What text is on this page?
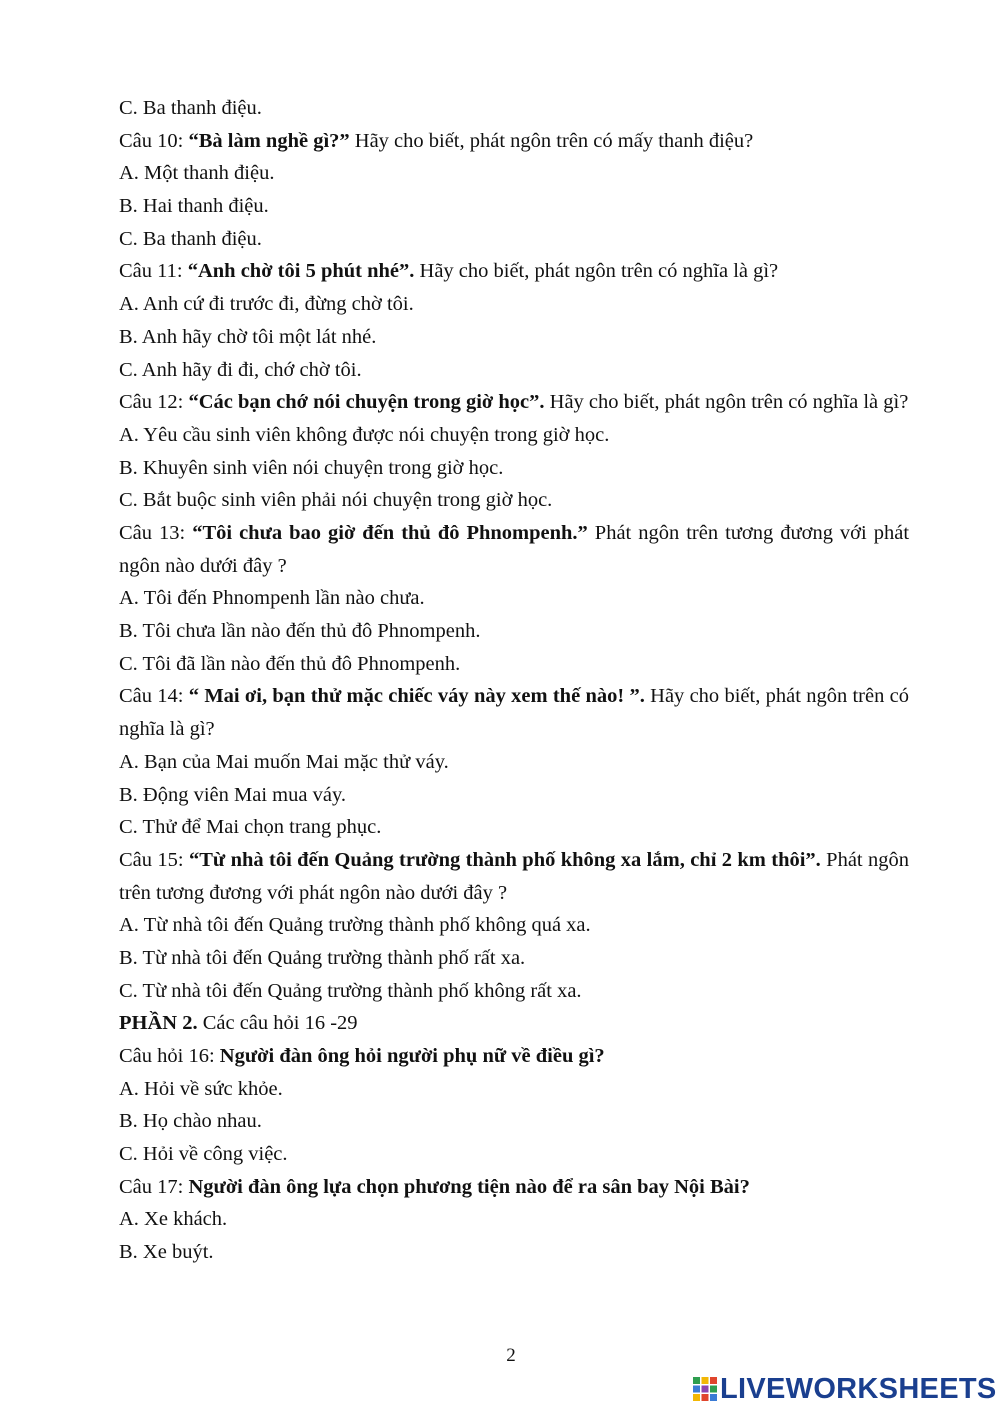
C. Ba thanh điệu.
Câu 10: “Bà làm nghề gì?” Hãy cho biết, phát ngôn trên có mấy thanh điệu?
A. Một thanh điệu.
B. Hai thanh điệu.
C. Ba thanh điệu.
Câu 11: “Anh chờ tôi 5 phút nhé”. Hãy cho biết, phát ngôn trên có nghĩa là gì?
A. Anh cứ đi trước đi, đừng chờ tôi.
B. Anh hãy chờ tôi một lát nhé.
C. Anh hãy đi đi, chớ chờ tôi.
Câu 12: “Các bạn chớ nói chuyện trong giờ học”. Hãy cho biết, phát ngôn trên có nghĩa là gì?
A. Yêu cầu sinh viên không được nói chuyện trong giờ học.
B. Khuyên sinh viên nói chuyện trong giờ học.
C. Bắt buộc sinh viên phải nói chuyện trong giờ học.
Câu 13: “Tôi chưa bao giờ đến thủ đô Phnompenh.” Phát ngôn trên tương đương với phát ngôn nào dưới đây ?
A. Tôi đến Phnompenh lần nào chưa.
B. Tôi chưa lần nào đến thủ đô Phnompenh.
C. Tôi đã lần nào đến thủ đô Phnompenh.
Câu 14: “ Mai ơi, bạn thử mặc chiếc váy này xem thế nào! ”. Hãy cho biết, phát ngôn trên có nghĩa là gì?
A. Bạn của Mai muốn Mai mặc thử váy.
B. Động viên Mai mua váy.
C. Thử để Mai chọn trang phục.
Câu 15: “Từ nhà tôi đến Quảng trường thành phố không xa lắm, chỉ 2 km thôi”. Phát ngôn trên tương đương với phát ngôn nào dưới đây ?
A. Từ nhà tôi đến Quảng trường thành phố không quá xa.
B. Từ nhà tôi đến Quảng trường thành phố rất xa.
C. Từ nhà tôi đến Quảng trường thành phố không rất xa.
PHẦN 2. Các câu hỏi 16 -29
Câu hỏi 16: Người đàn ông hỏi người phụ nữ về điều gì?
A. Hỏi về sức khỏe.
B. Họ chào nhau.
C. Hỏi về công việc.
Câu 17: Người đàn ông lựa chọn phương tiện nào để ra sân bay Nội Bài?
A. Xe khách.
B. Xe buýt.
2
LIVEWORKSHEETS
